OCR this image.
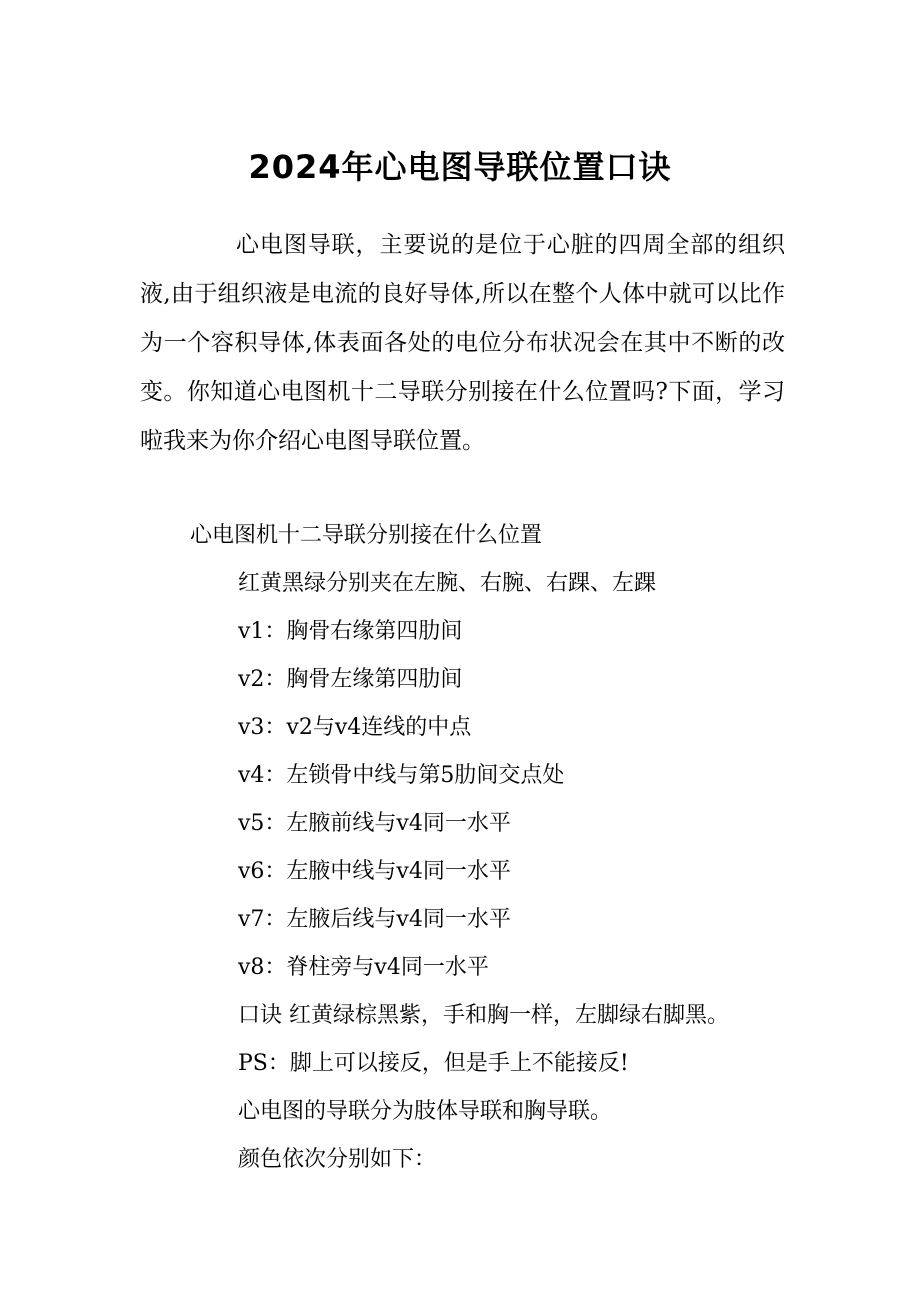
2024年心电图导联位置口诀

心电图导联，主要说的是位于心脏的四周全部的组织液,由于组织液是电流的良好导体,所以在整个人体中就可以比作为一个容积导体,体表面各处的电位分布状况会在其中不断的改变。你知道心电图机十二导联分别接在什么位置吗?下面，学习啦我来为你介绍心电图导联位置。

心电图机十二导联分别接在什么位置

红黄黑绿分别夹在左腕、右腕、右踝、左踝
v1：胸骨右缘第四肋间
v2：胸骨左缘第四肋间
v3：v2与v4连线的中点
v4：左锁骨中线与第5肋间交点处
v5：左腋前线与v4同一水平
v6：左腋中线与v4同一水平
v7：左腋后线与v4同一水平
v8：脊柱旁与v4同一水平
口诀 红黄绿棕黑紫，手和胸一样，左脚绿右脚黑。
PS：脚上可以接反，但是手上不能接反!
心电图的导联分为肢体导联和胸导联。
颜色依次分别如下：
